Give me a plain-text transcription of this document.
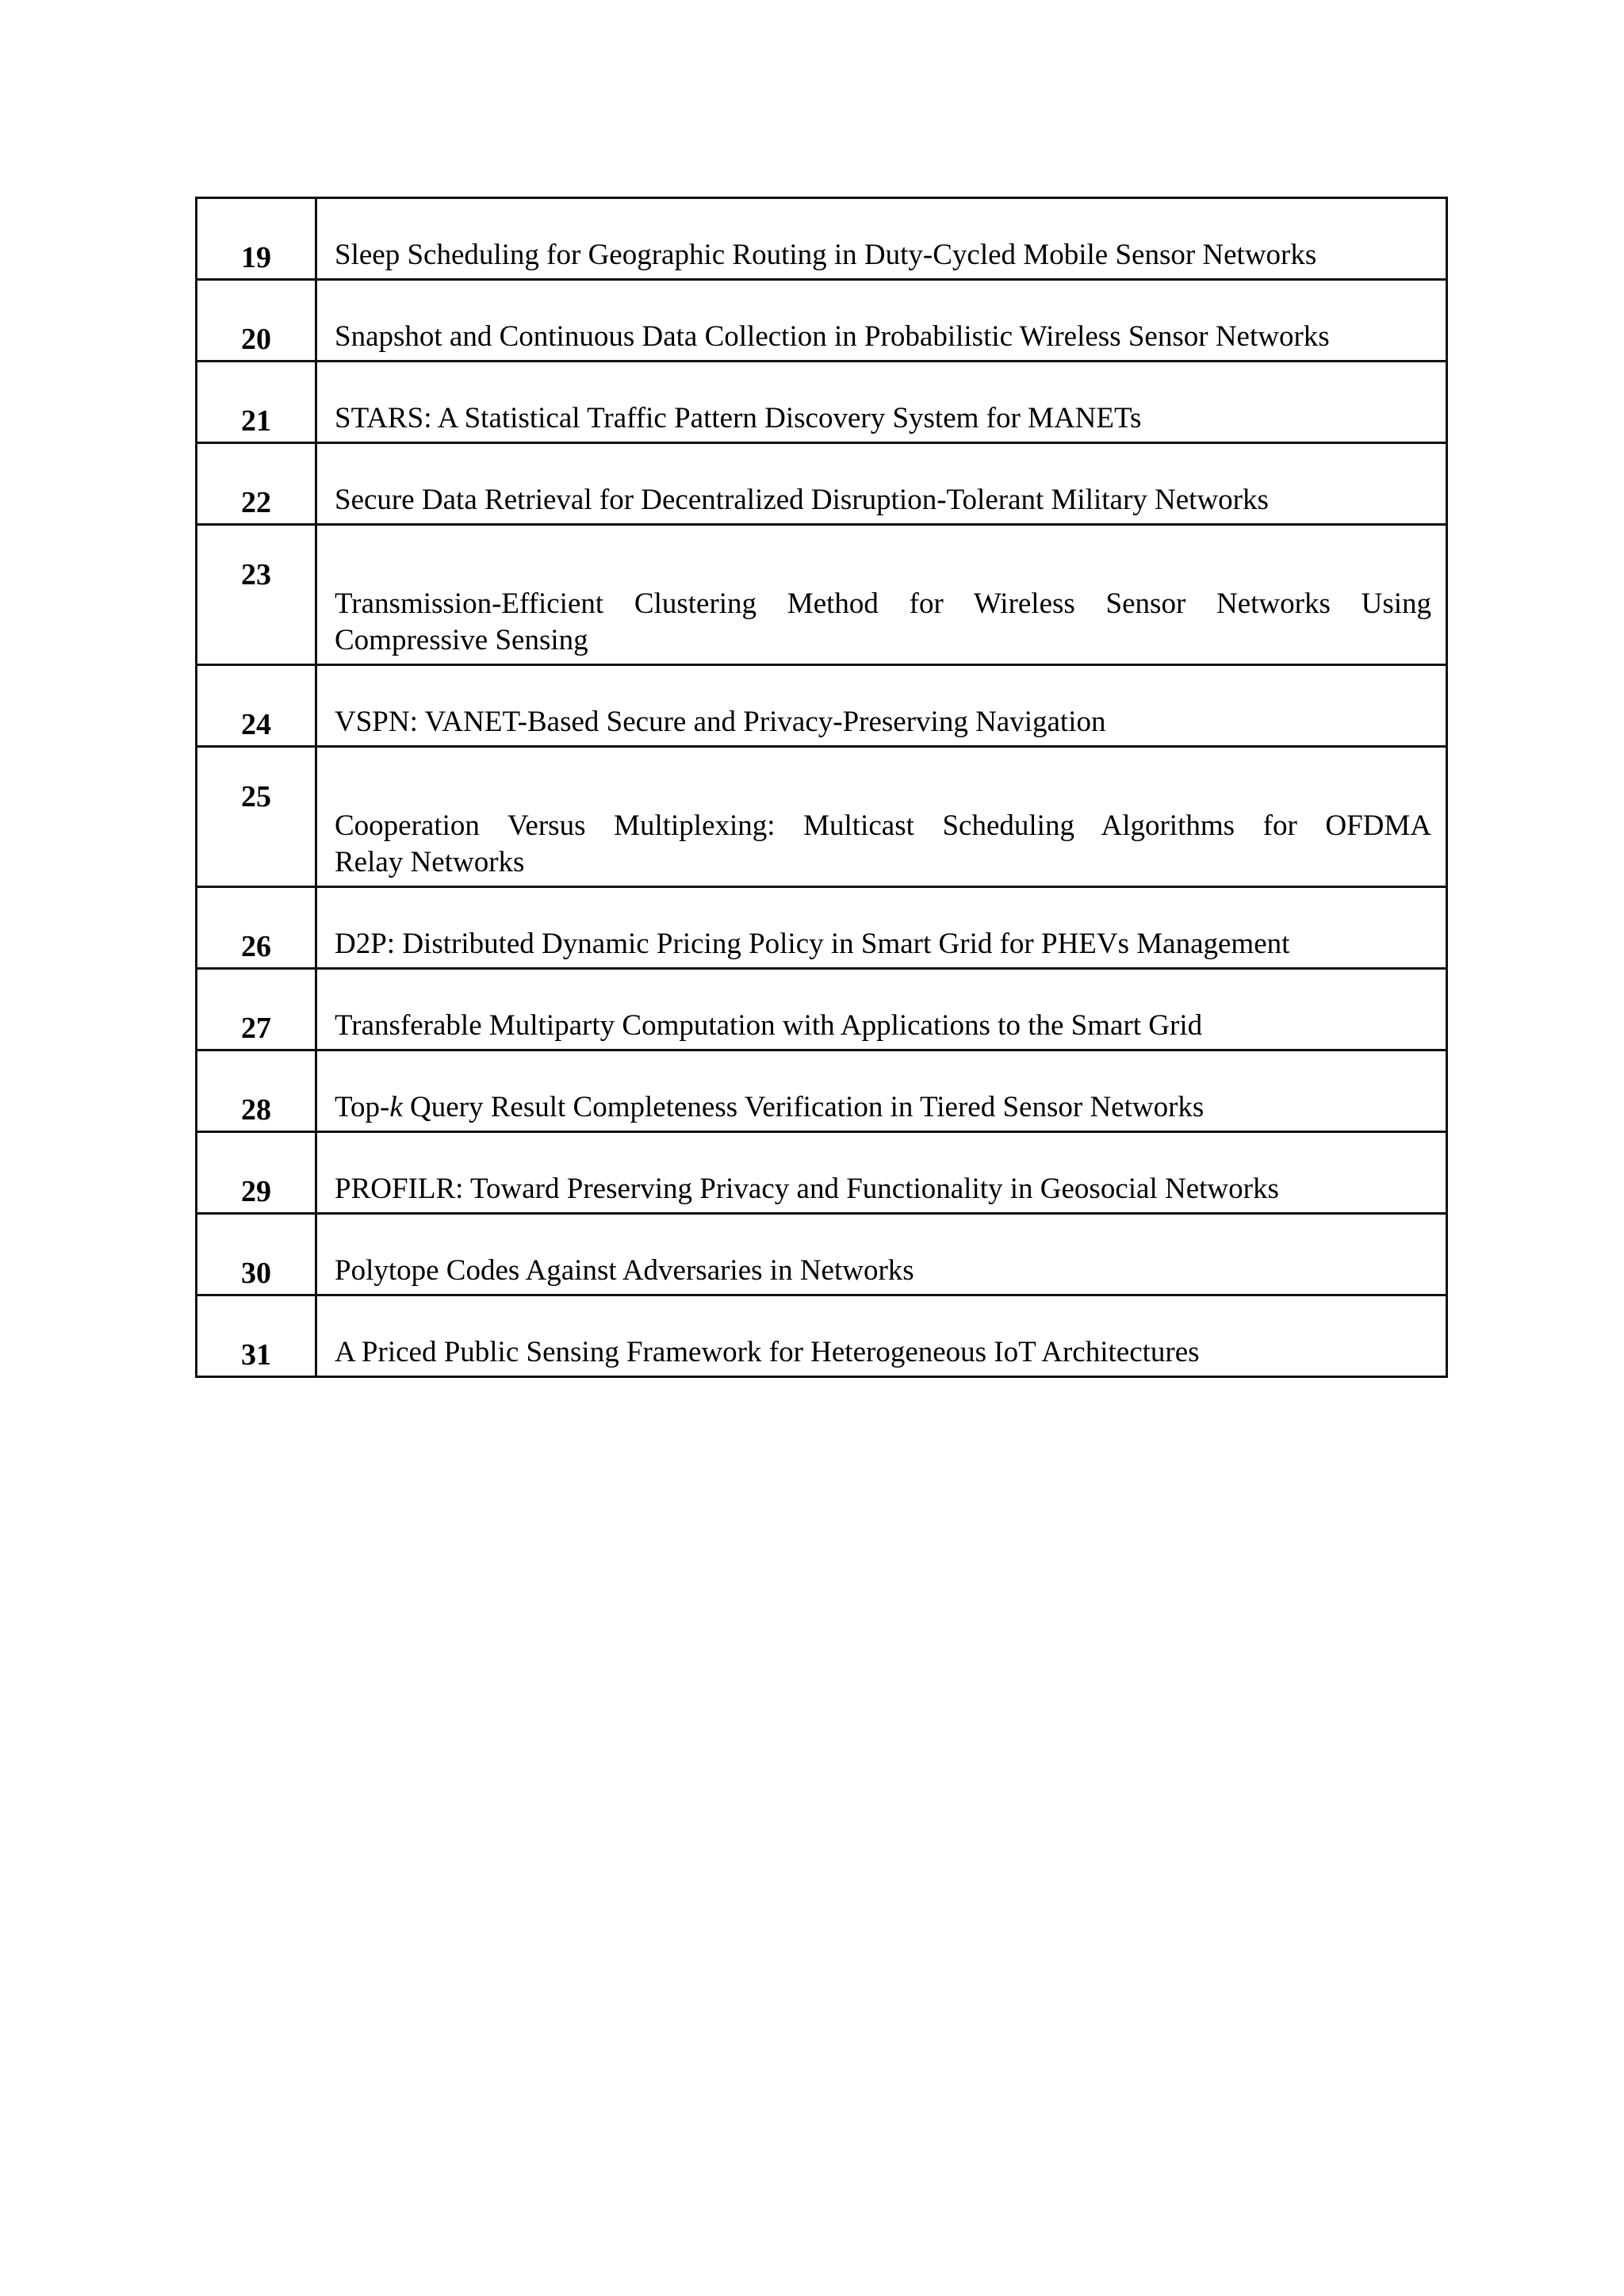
19	Sleep Scheduling for Geographic Routing in Duty-Cycled Mobile Sensor Networks
20	Snapshot and Continuous Data Collection in Probabilistic Wireless Sensor Networks
21	STARS: A Statistical Traffic Pattern Discovery System for MANETs
22	Secure Data Retrieval for Decentralized Disruption-Tolerant Military Networks
23	Transmission-Efficient Clustering Method for Wireless Sensor Networks Using
Compressive Sensing

24	VSPN: VANET-Based Secure and Privacy-Preserving Navigation
25	Cooperation Versus Multiplexing: Multicast Scheduling Algorithms for OFDMA
Relay Networks

26	D2P: Distributed Dynamic Pricing Policy in Smart Grid for PHEVs Management
27	Transferable Multiparty Computation with Applications to the Smart Grid
28	Top-k Query Result Completeness Verification in Tiered Sensor Networks
29	PROFILR: Toward Preserving Privacy and Functionality in Geosocial Networks
30	Polytope Codes Against Adversaries in Networks
31	A Priced Public Sensing Framework for Heterogeneous IoT Architectures
